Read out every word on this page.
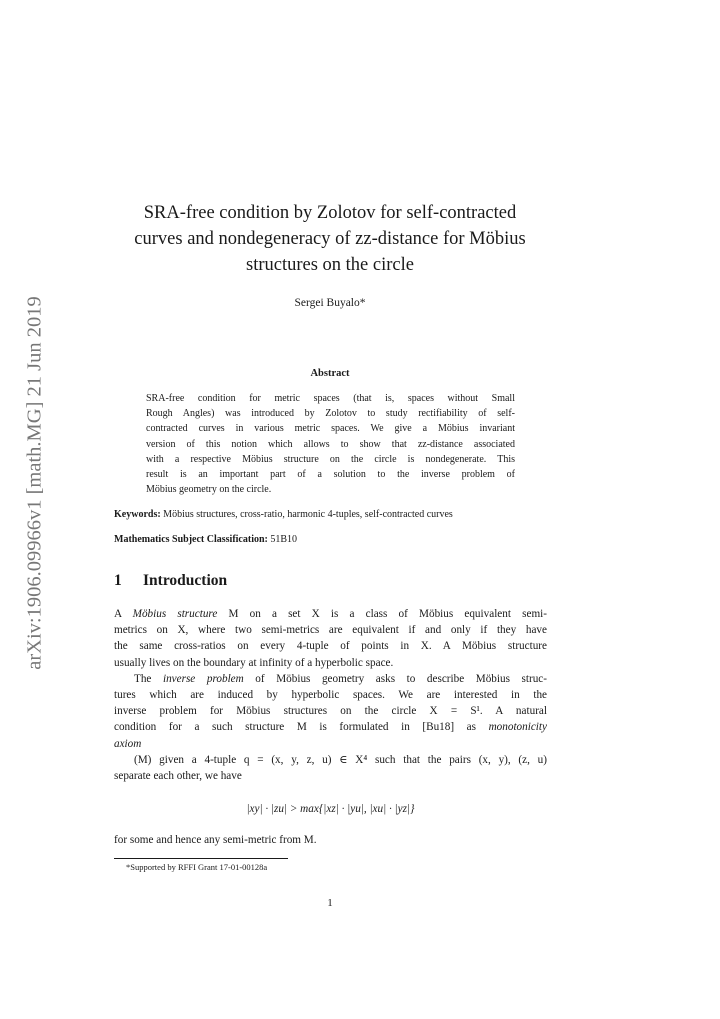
arXiv:1906.09966v1 [math.MG] 21 Jun 2019
SRA-free condition by Zolotov for self-contracted
curves and nondegeneracy of zz-distance for Möbius
structures on the circle
Sergei Buyalo*
Abstract
SRA-free condition for metric spaces (that is, spaces without Small
Rough Angles) was introduced by Zolotov to study rectifiability of self-
contracted curves in various metric spaces. We give a Möbius invariant
version of this notion which allows to show that zz-distance associated
with a respective Möbius structure on the circle is nondegenerate. This
result is an important part of a solution to the inverse problem of
Möbius geometry on the circle.
Keywords: Möbius structures, cross-ratio, harmonic 4-tuples, self-contracted curves
Mathematics Subject Classification: 51B10
1 Introduction
A Möbius structure M on a set X is a class of Möbius equivalent semi-
metrics on X, where two semi-metrics are equivalent if and only if they have
the same cross-ratios on every 4-tuple of points in X. A Möbius structure
usually lives on the boundary at infinity of a hyperbolic space.
The inverse problem of Möbius geometry asks to describe Möbius struc-
tures which are induced by hyperbolic spaces. We are interested in the
inverse problem for Möbius structures on the circle X = S¹. A natural
condition for a such structure M is formulated in [Bu18] as monotonicity
axiom
(M) given a 4-tuple q = (x, y, z, u) ∈ X⁴ such that the pairs (x, y), (z, u)
separate each other, we have
|xy| · |zu| > max{|xz| · |yu|, |xu| · |yz|}
for some and hence any semi-metric from M.
*Supported by RFFI Grant 17-01-00128a
1
